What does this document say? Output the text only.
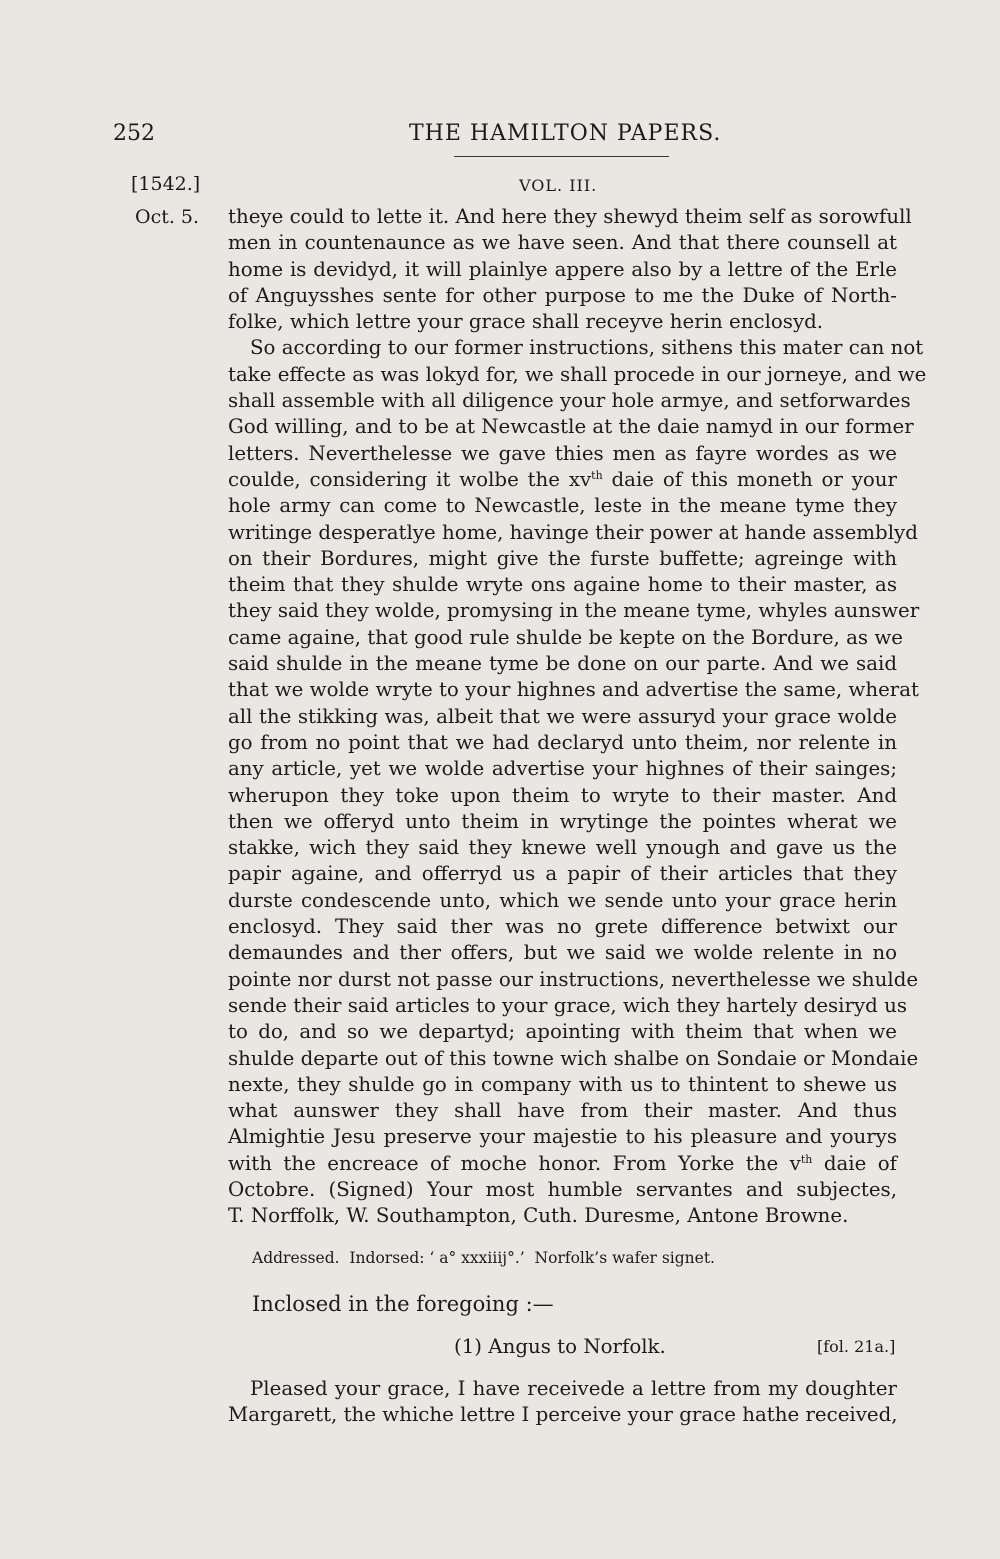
252	THE HAMILTON PAPERS.
[1542.]	VOL. III.
Oct. 5. theye could to lette it. And here they shewyd theim self as sorowfull
men in countenaunce as we have seen. And that there counsell at
home is devidyd, it will plainlye appere also by a lettre of the Erle
of Anguysshes sente for other purpose to me the Duke of North-
folke, which lettre your grace shall receyve herin enclosyd.
So according to our former instructions, sithens this mater can not
take effecte as was lokyd for, we shall procede in our jorneye, and we
shall assemble with all diligence your hole armye, and setforwardes
God willing, and to be at Newcastle at the daie namyd in our former
letters. Neverthelesse we gave thies men as fayre wordes as we
coulde, considering it wolbe the $xv^{th}$ daie of this moneth or your
hole army can come to Newcastle, leste in the meane tyme they
writinge desperatlye home, havinge their power at hande assemblyd
on their Bordures, might give the furste buffette; agreinge with
theim that they shulde wryte ons againe home to their master, as
they said they wolde, promysing in the meane tyme, whyles aunswer
came againe, that good rule shulde be kepte on the Bordure, as we
said shulde in the meane tyme be done on our parte. And we said
that we wolde wryte to your highnes and advertise the same, wherat
all the stikking was, albeit that we were assuryd your grace wolde
go from no point that we had declaryd unto theim, nor relente in
any article, yet we wolde advertise your highnes of their sainges;
wherupon they toke upon theim to wryte to their master. And
then we offeryd unto theim in wrytinge the pointes wherat we
stakke, wich they said they knewe well ynough and gave us the
papir againe, and offerryd us a papir of their articles that they
durste condescende unto, which we sende unto your grace herin
enclosyd. They said ther was no grete difference betwixt our
demaundes and ther offers, but we said we wolde relente in no
pointe nor durst not passe our instructions, neverthelesse we shulde
sende their said articles to your grace, wich they hartely desiryd us
to do, and so we departyd; apointing with theim that when we
shulde departe out of this towne wich shalbe on Sondaie or Mondaie
nexte, they shulde go in company with us to thintent to shewe us
what aunswer they shall have from their master. And thus
Almightie Jesu preserve your majestie to his pleasure and yourys
with the encreace of moche honor. From Yorke the $v^{th}$ daie of
Octobre. (Signed) Your most humble servantes and subjectes,
T. Norffolk, W. Southampton, Cuth. Duresme, Antone Browne.
Addressed. Indorsed: ‘ a° xxxiiij°.’ Norfolk’s wafer signet.
Inclosed in the foregoing :—
(1) Angus to Norfolk.	[fol. 21a.]
Pleased your grace, I have receivede a lettre from my doughter
Margarett, the whiche lettre I perceive your grace hathe received,
